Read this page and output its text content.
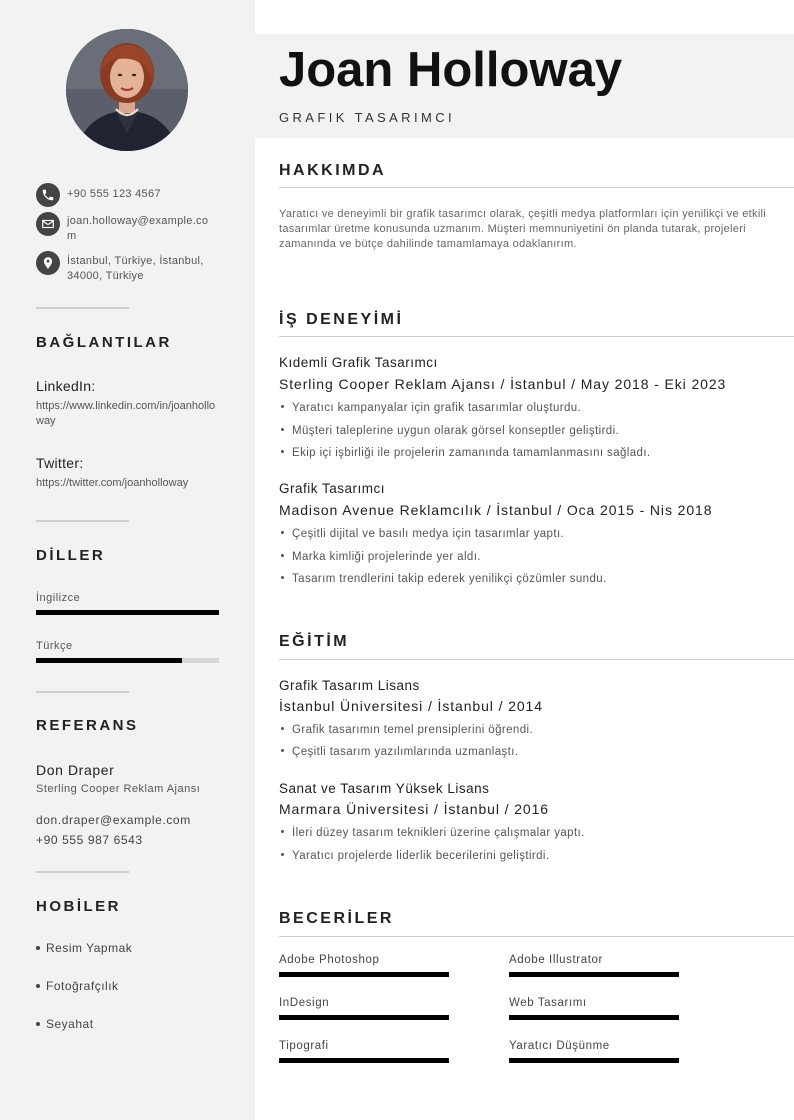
+90 555 123 4567
joan.holloway@example.com
İstanbul, Türkiye, İstanbul, 34000, Türkiye
BAĞLANTILAR
LinkedIn:
https://www.linkedin.com/in/joanholloway
Twitter:
https://twitter.com/joanholloway
DİLLER
İngilizce
Türkçe
REFERANS
Don Draper
Sterling Cooper Reklam Ajansı
don.draper@example.com
+90 555 987 6543
HOBİLER
Resim Yapmak
Fotoğrafçılık
Seyahat
Joan Holloway
GRAFIK TASARIMCI
HAKKIMDA
Yaratıcı ve deneyimli bir grafik tasarımcı olarak, çeşitli medya platformları için yenilikçi ve etkili tasarımlar üretme konusunda uzmanım. Müşteri memnuniyetini ön planda tutarak, projeleri zamanında ve bütçe dahilinde tamamlamaya odaklanırım.
İŞ DENEYİMİ
Kıdemli Grafik Tasarımcı
Sterling Cooper Reklam Ajansı / İstanbul / May 2018 - Eki 2023
Yaratıcı kampanyalar için grafik tasarımlar oluşturdu.
Müşteri taleplerine uygun olarak görsel konseptler geliştirdi.
Ekip içi işbirliği ile projelerin zamanında tamamlanmasını sağladı.
Grafik Tasarımcı
Madison Avenue Reklamcılık / İstanbul / Oca 2015 - Nis 2018
Çeşitli dijital ve basılı medya için tasarımlar yaptı.
Marka kimliği projelerinde yer aldı.
Tasarım trendlerini takip ederek yenilikçi çözümler sundu.
EĞİTİM
Grafik Tasarım Lisans
İstanbul Üniversitesi / İstanbul / 2014
Grafik tasarımın temel prensiplerini öğrendi.
Çeşitli tasarım yazılımlarında uzmanlaştı.
Sanat ve Tasarım Yüksek Lisans
Marmara Üniversitesi / İstanbul / 2016
İleri düzey tasarım teknikleri üzerine çalışmalar yaptı.
Yaratıcı projelerde liderlik becerilerini geliştirdi.
BECERİLER
Adobe Photoshop	Adobe Illustrator
InDesign	Web Tasarımı
Tipografi	Yaratıcı Düşünme
